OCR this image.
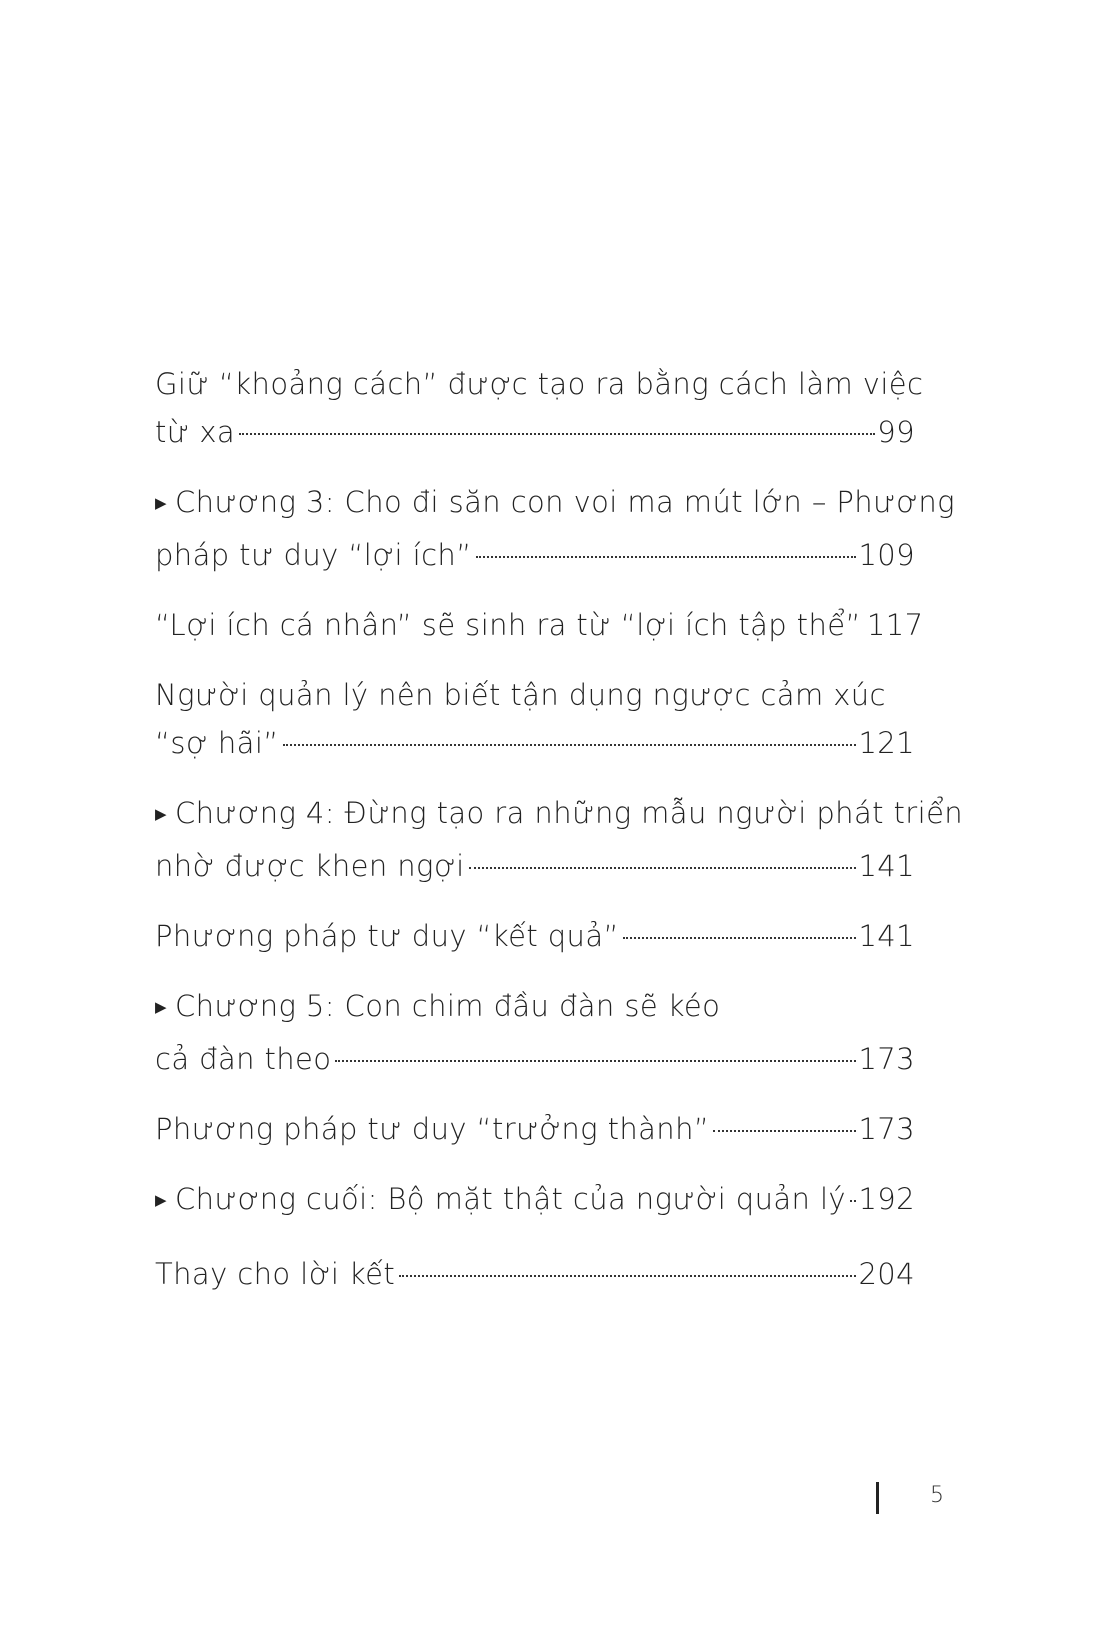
Giữ “khoảng cách” được tạo ra bằng cách làm việc
từ xa	99
▶ Chương 3: Cho đi săn con voi ma mút lớn – Phương
pháp tư duy “lợi ích”	109
“Lợi ích cá nhân” sẽ sinh ra từ “lợi ích tập thể” 117
Người quản lý nên biết tận dụng ngược cảm xúc
“sợ hãi”	121
▶ Chương 4: Đừng tạo ra những mẫu người phát triển
nhờ được khen ngợi	141
Phương pháp tư duy “kết quả”	141
▶ Chương 5: Con chim đầu đàn sẽ kéo
cả đàn theo	173
Phương pháp tư duy “trưởng thành”	173
▶ Chương cuối: Bộ mặt thật của người quản lý 192
Thay cho lời kết	204
5
